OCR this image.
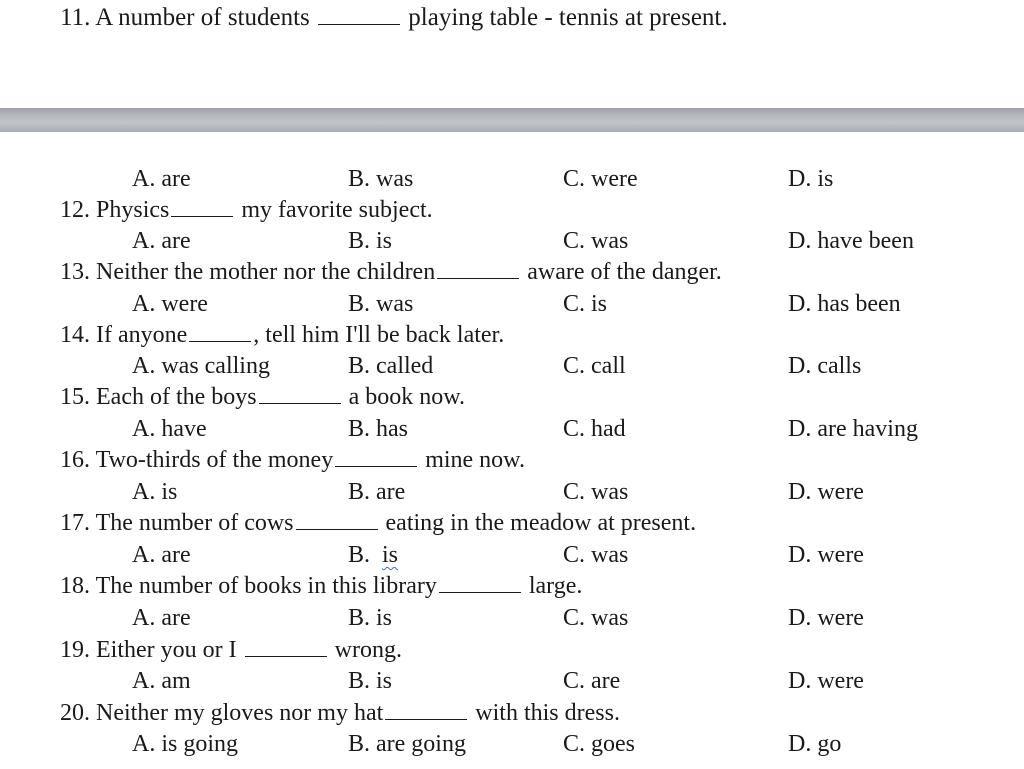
11. A number of students	playing table - tennis at present.
A. are	B. was	C. were	D. is
12. Physics	my favorite subject.
A. are	B. is	C. was	D. have been
13. Neither the mother nor the children	aware of the danger.
A. were	B. was	C. is	D. has been
14. If anyone	, tell him I'll be back later.
A. was calling	B. called	C. call	D. calls
15. Each of the boys	a book now.
A. have	B. has	C. had	D. are having
16. Two-thirds of the money	mine now.
A. is	B. are	C. was	D. were
17. The number of cows	eating in the meadow at present.
A. are	B. is	C. was	D. were
18. The number of books in this library	large.
A. are	B. is	C. was	D. were
19. Either you or I	wrong.
A. am	B. is	C. are	D. were
20. Neither my gloves nor my hat	with this dress.
A. is going	B. are going	C. goes	D. go
